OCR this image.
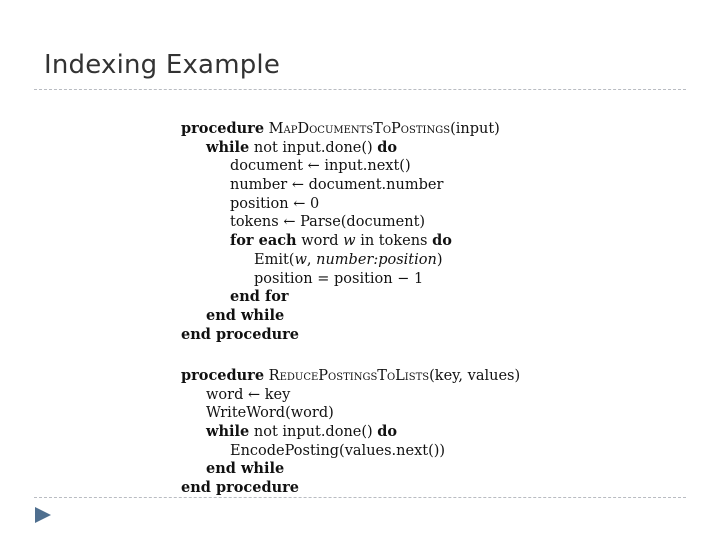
Indexing Example
procedure MapDocumentsToPostings(input)
while not input.done() do
document ← input.next()
number ← document.number
position ← 0
tokens ← Parse(document)
for each word w in tokens do
Emit(w, number:position)
position = position − 1
end for
end while
end procedure
procedure ReducePostingsToLists(key, values)
word ← key
WriteWord(word)
while not input.done() do
EncodePosting(values.next())
end while
end procedure
